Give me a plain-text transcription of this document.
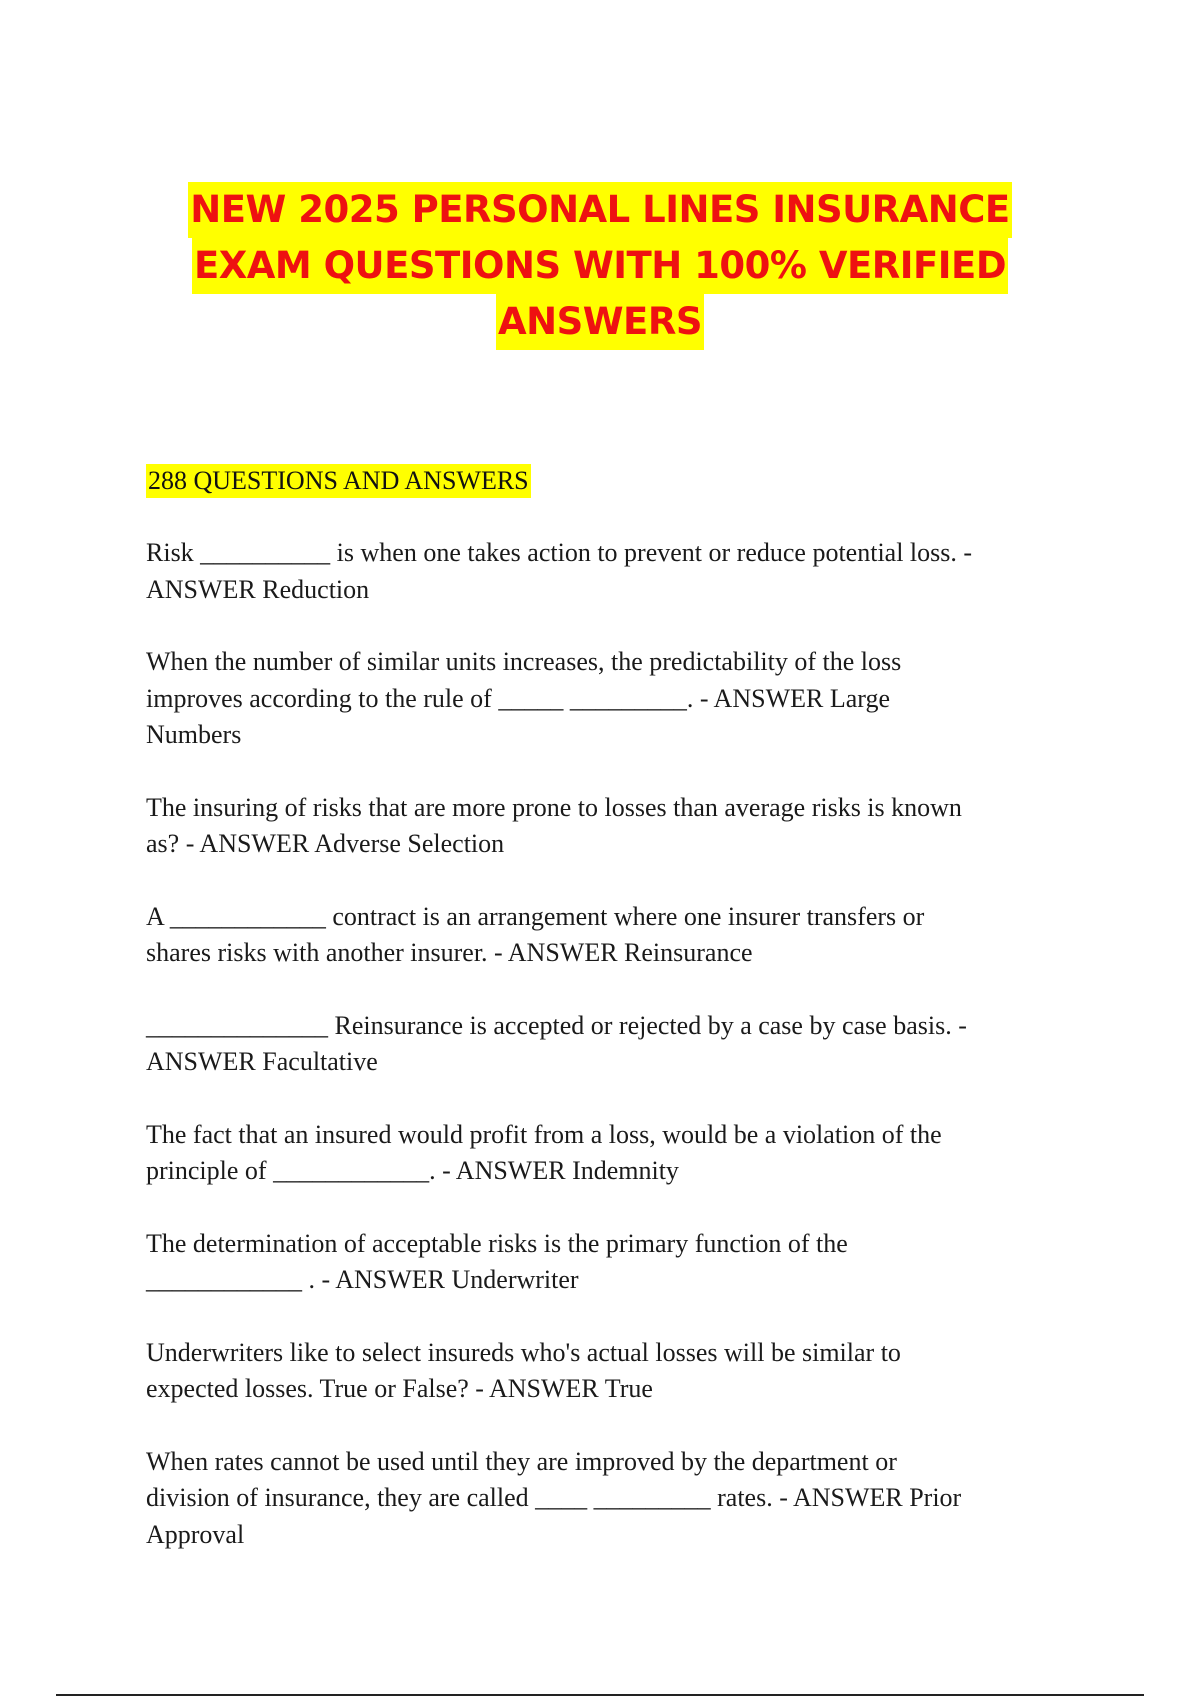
NEW 2025 PERSONAL LINES INSURANCE
EXAM QUESTIONS WITH 100% VERIFIED
ANSWERS
288 QUESTIONS AND ANSWERS
Risk __________ is when one takes action to prevent or reduce potential loss. -
ANSWER Reduction
When the number of similar units increases, the predictability of the loss
improves according to the rule of _____ _________. - ANSWER Large
Numbers
The insuring of risks that are more prone to losses than average risks is known
as? - ANSWER Adverse Selection
A ____________ contract is an arrangement where one insurer transfers or
shares risks with another insurer. - ANSWER Reinsurance
______________ Reinsurance is accepted or rejected by a case by case basis. -
ANSWER Facultative
The fact that an insured would profit from a loss, would be a violation of the
principle of ____________. - ANSWER Indemnity
The determination of acceptable risks is the primary function of the
____________ . - ANSWER Underwriter
Underwriters like to select insureds who's actual losses will be similar to
expected losses. True or False? - ANSWER True
When rates cannot be used until they are improved by the department or
division of insurance, they are called ____ _________ rates. - ANSWER Prior
Approval
